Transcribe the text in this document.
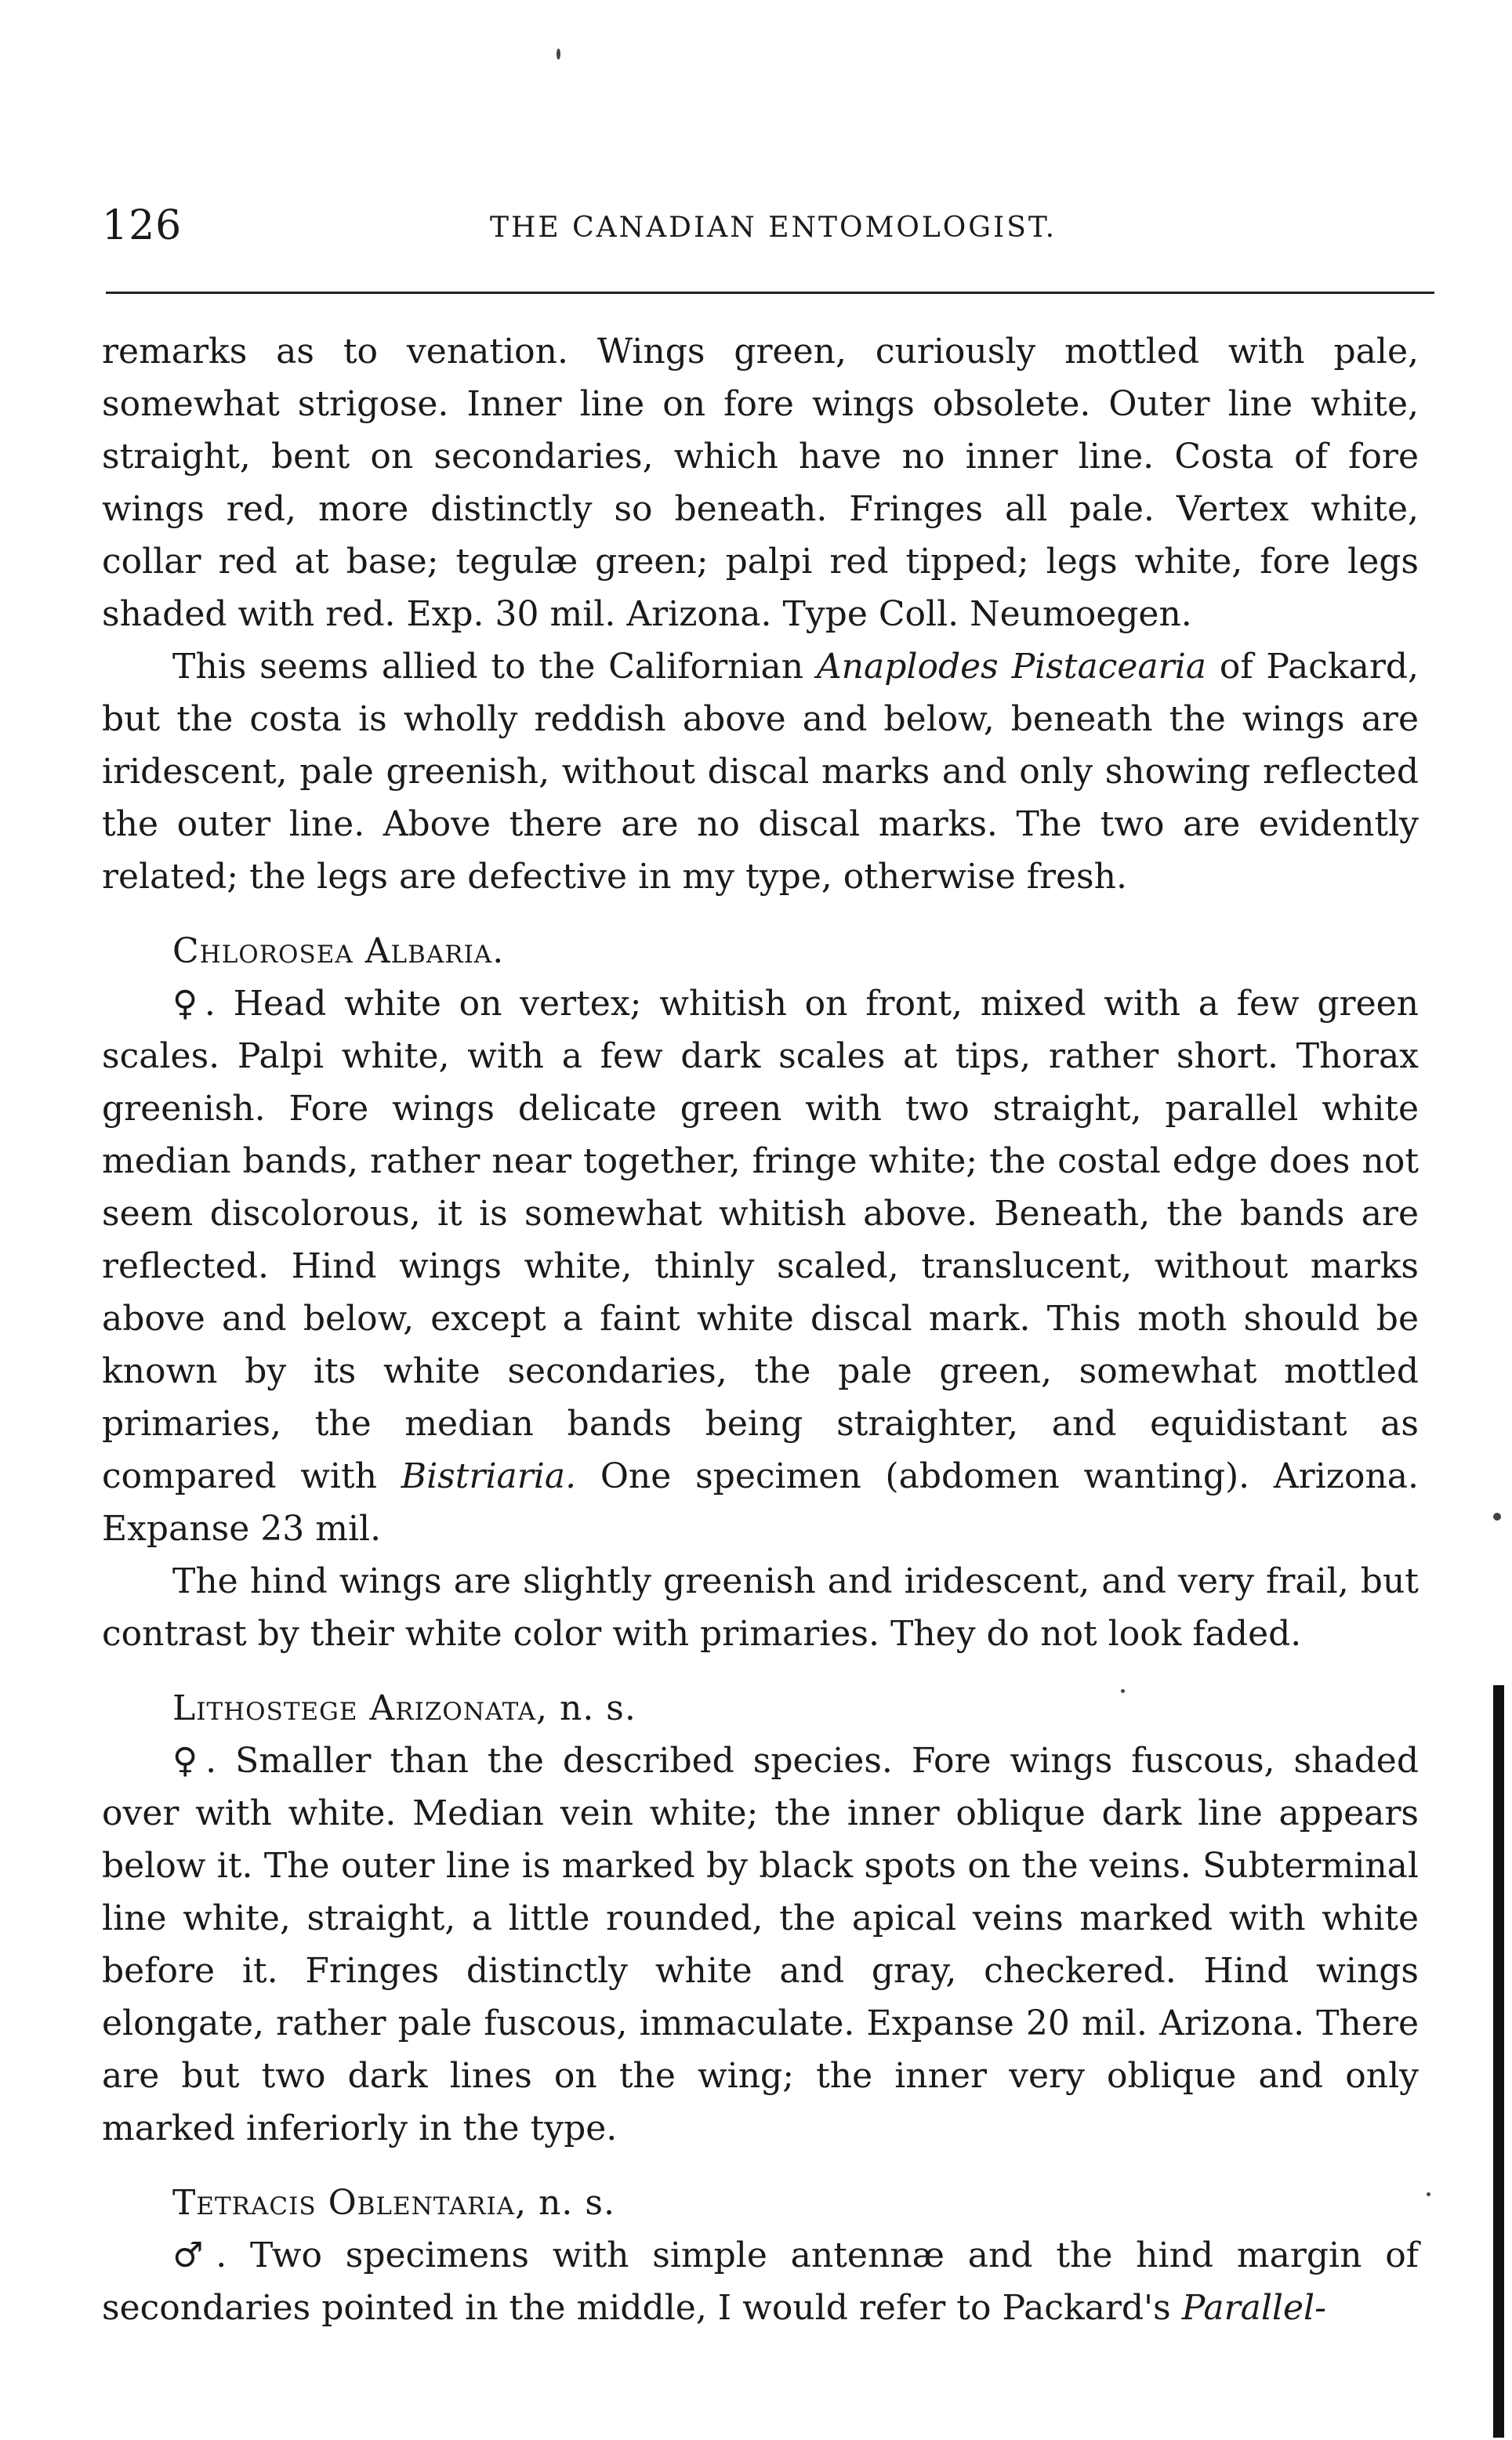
126	THE CANADIAN ENTOMOLOGIST.

remarks as to venation. Wings green, curiously mottled with pale, somewhat strigose. Inner line on fore wings obsolete. Outer line white, straight, bent on secondaries, which have no inner line. Costa of fore wings red, more distinctly so beneath. Fringes all pale. Vertex white, collar red at base; tegulæ green; palpi red tipped; legs white, fore legs shaded with red. Exp. 30 mil. Arizona. Type Coll. Neumoegen.

This seems allied to the Californian Anaplodes Pistacearia of Packard, but the costa is wholly reddish above and below, beneath the wings are iridescent, pale greenish, without discal marks and only showing reflected the outer line. Above there are no discal marks. The two are evidently related; the legs are defective in my type, otherwise fresh.

Chlorosea Albaria.

♀. Head white on vertex; whitish on front, mixed with a few green scales. Palpi white, with a few dark scales at tips, rather short. Thorax greenish. Fore wings delicate green with two straight, parallel white median bands, rather near together, fringe white; the costal edge does not seem discolorous, it is somewhat whitish above. Beneath, the bands are reflected. Hind wings white, thinly scaled, translucent, without marks above and below, except a faint white discal mark. This moth should be known by its white secondaries, the pale green, somewhat mottled primaries, the median bands being straighter, and equidistant as compared with Bistriaria. One specimen (abdomen wanting). Arizona. Expanse 23 mil.

The hind wings are slightly greenish and iridescent, and very frail, but contrast by their white color with primaries. They do not look faded.

Lithostege Arizonata, n. s.

♀. Smaller than the described species. Fore wings fuscous, shaded over with white. Median vein white; the inner oblique dark line appears below it. The outer line is marked by black spots on the veins. Subterminal line white, straight, a little rounded, the apical veins marked with white before it. Fringes distinctly white and gray, checkered. Hind wings elongate, rather pale fuscous, immaculate. Expanse 20 mil. Arizona. There are but two dark lines on the wing; the inner very oblique and only marked inferiorly in the type.

Tetracis Oblentaria, n. s.

♂. Two specimens with simple antennæ and the hind margin of secondaries pointed in the middle, I would refer to Packard's Parallel-
